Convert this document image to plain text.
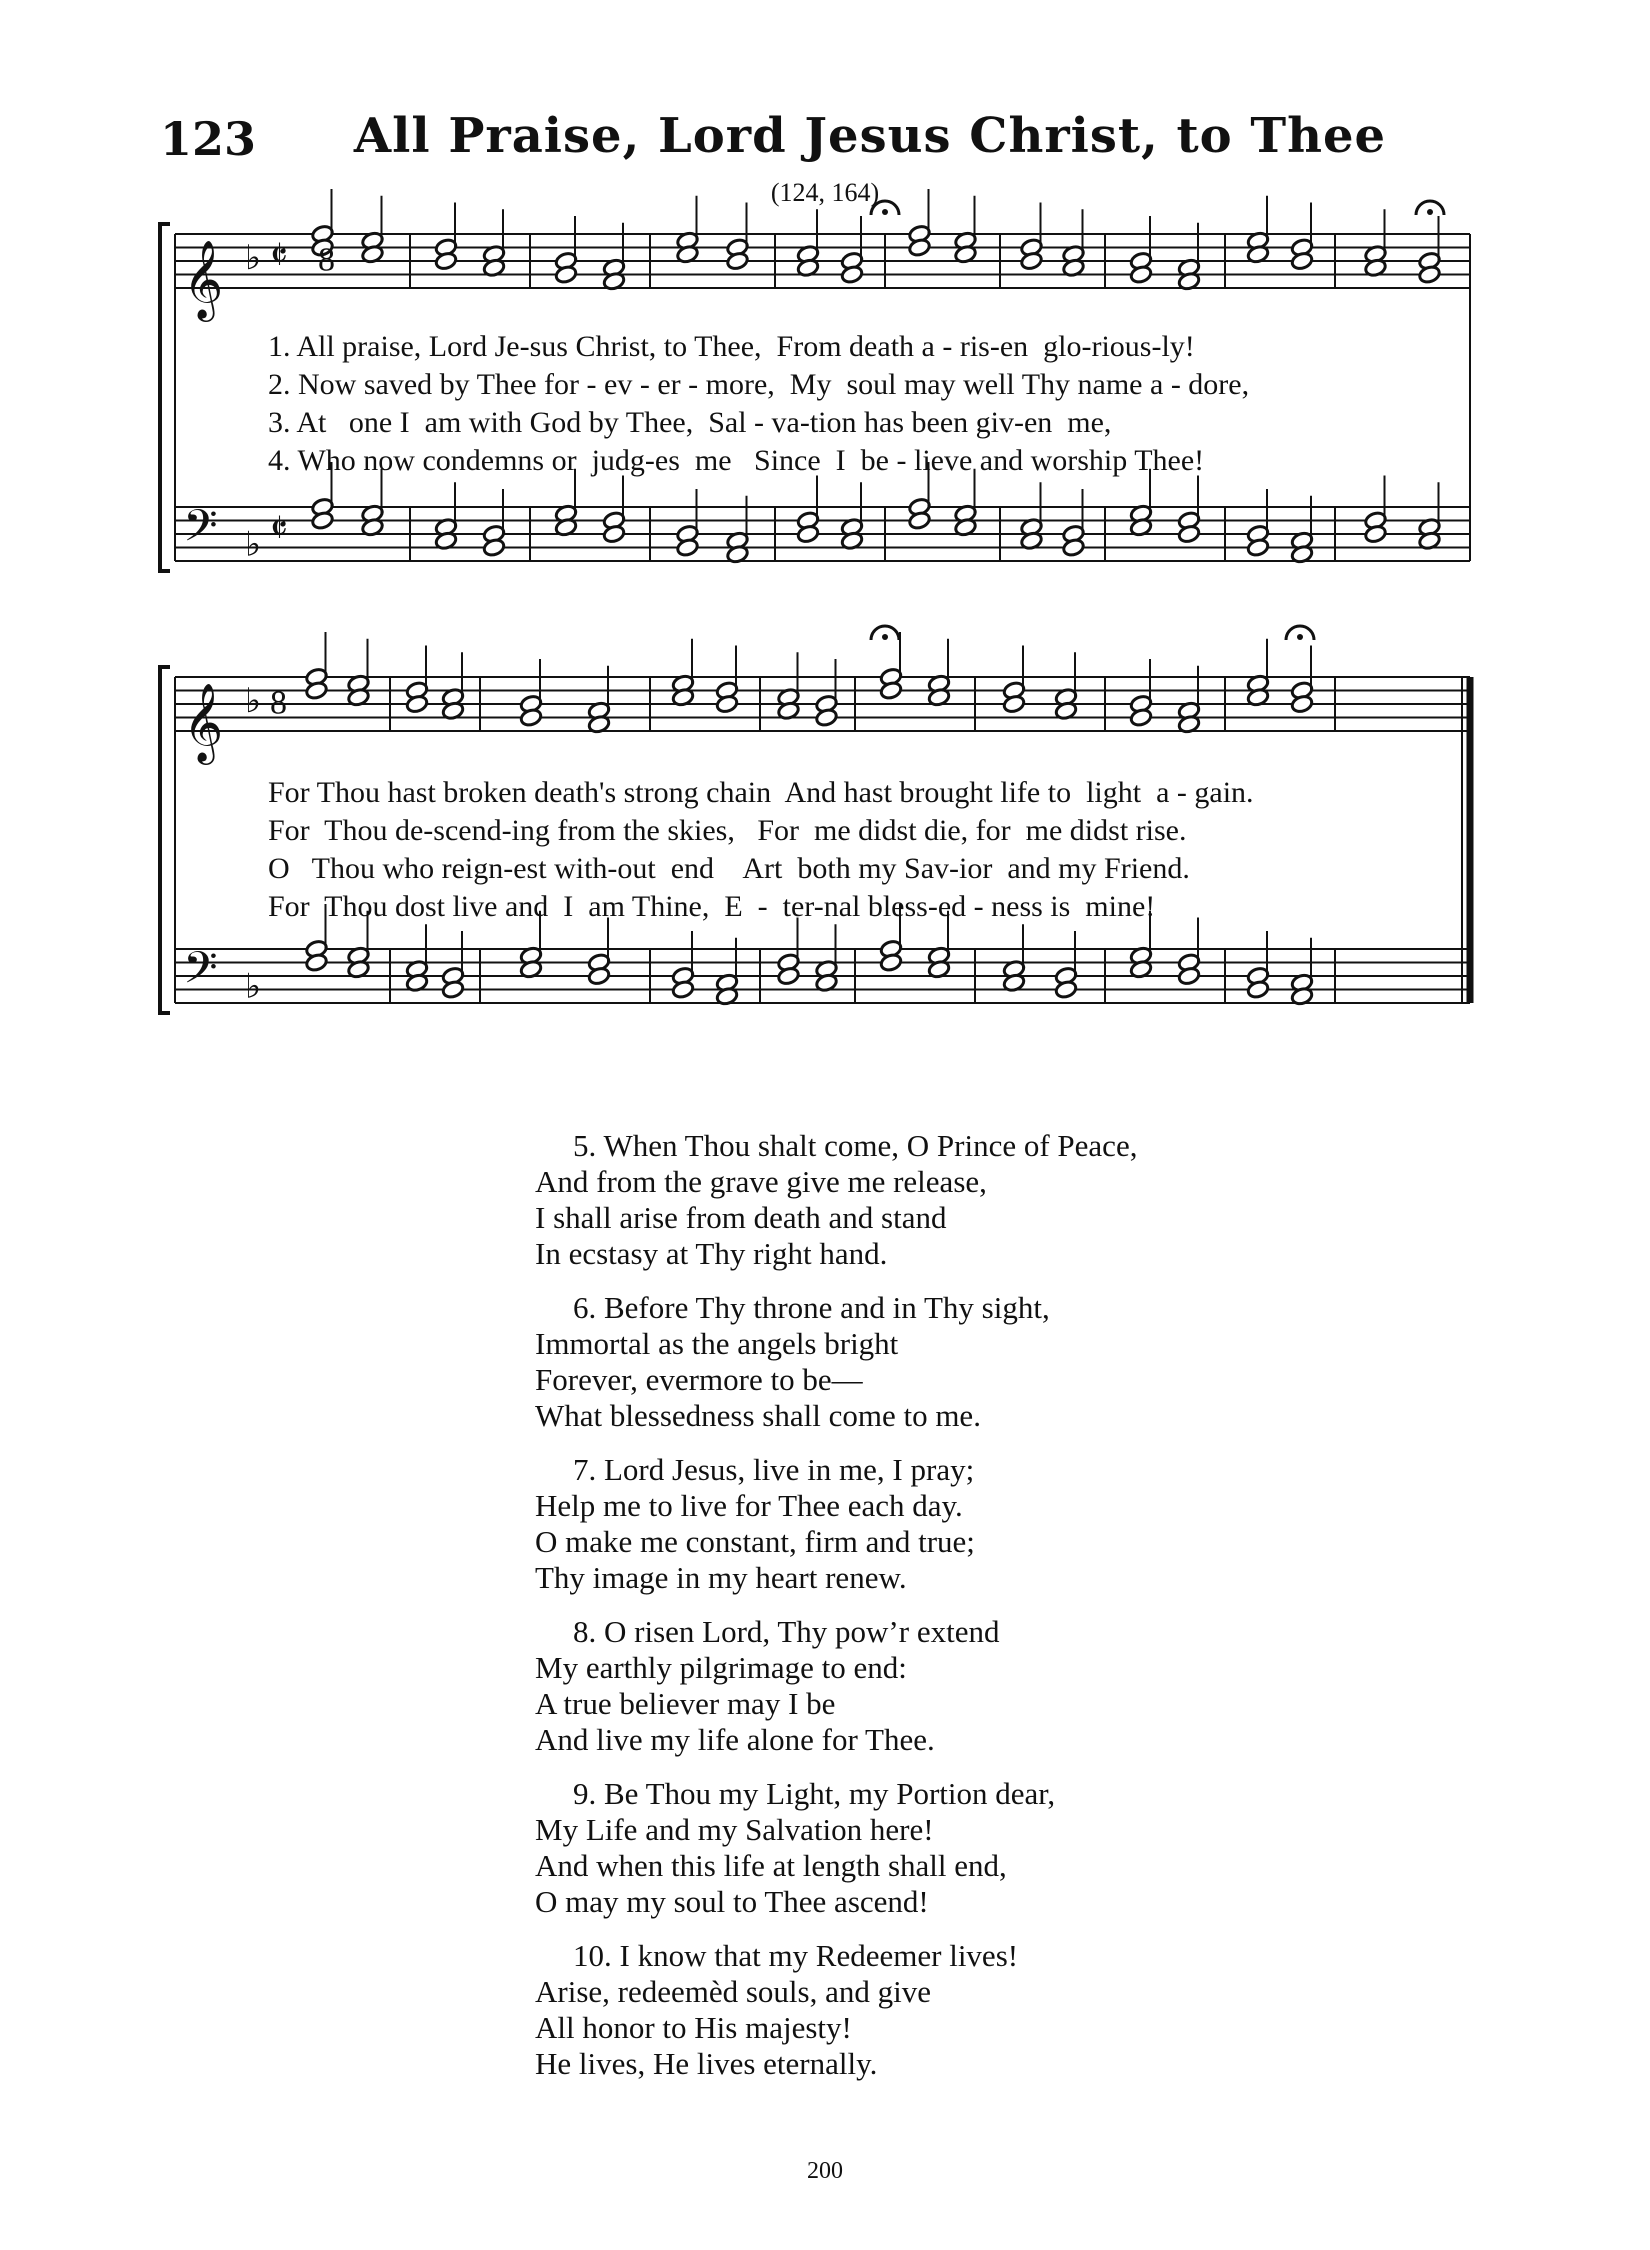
123	All Praise, Lord Jesus Christ, to Thee
(124, 164)
𝄞
𝄢
♭
♭
𝄵
𝄵
8
𝄞
𝄢
♭
♭
8
1. All praise, Lord Je-sus Christ, to Thee,  From death a - ris-en  glo-rious-ly!
2. Now saved by Thee for - ev - er - more,  My  soul may well Thy name a - dore,
3. At   one I  am with God by Thee,  Sal - va-tion has been giv-en  me,
4. Who now condemns or  judg-es  me   Since  I  be - lieve and worship Thee!
For Thou hast broken death's strong chain  And hast brought life to  light  a - gain.
For  Thou de-scend-ing from the skies,   For  me didst die, for  me didst rise.
O   Thou who reign-est with-out  end    Art  both my Sav-ior  and my Friend.
For  Thou dost live and  I  am Thine,  E  -  ter-nal bless-ed - ness is  mine!
5. When Thou shalt come, O Prince of Peace,
And from the grave give me release,
I shall arise from death and stand
In ecstasy at Thy right hand.
6. Before Thy throne and in Thy sight,
Immortal as the angels bright
Forever, evermore to be—
What blessedness shall come to me.
7. Lord Jesus, live in me, I pray;
Help me to live for Thee each day.
O make me constant, firm and true;
Thy image in my heart renew.
8. O risen Lord, Thy pow’r extend
My earthly pilgrimage to end:
A true believer may I be
And live my life alone for Thee.
9. Be Thou my Light, my Portion dear,
My Life and my Salvation here!
And when this life at length shall end,
O may my soul to Thee ascend!
10. I know that my Redeemer lives!
Arise, redeemèd souls, and give
All honor to His majesty!
He lives, He lives eternally.
200
